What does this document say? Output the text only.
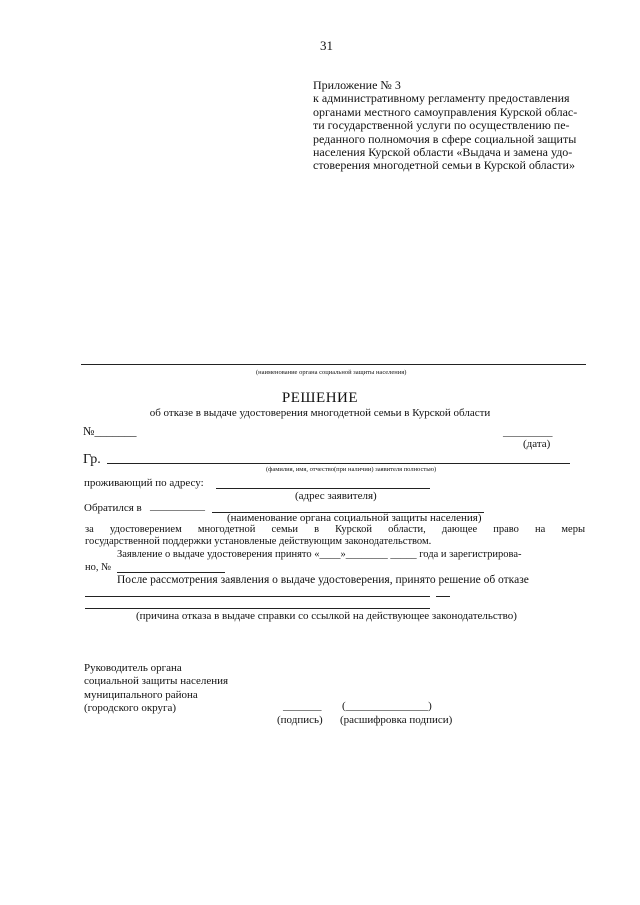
31
Приложение № 3
к административному регламенту предоставления
органами местного самоуправления Курской облас-
ти государственной услуги по осуществлению пе-
реданного полномочия в сфере социальной защиты
населения Курской области «Выдача и замена удо-
стоверения многодетной семьи в Курской области»
(наименование органа социальной защиты населения)
РЕШЕНИЕ
об отказе в выдаче удостоверения многодетной семьи в Курской области
№_______	_________
(дата)
Гр.
(фамилия, имя, отчество(при наличии) заявителя полностью)
проживающий по адресу:
(адрес заявителя)
Обратился в __________
(наименование органа социальной защиты населения)
за удостоверением многодетной семьи в Курской области, дающее право на меры
государственной поддержки установленые действующим законодательством.
Заявление о выдаче удостоверения принято «____»________ _____ года и зарегистрирова-
но, №
После рассмотрения заявления о выдаче удостоверения, принято решение об отказе
(причина отказа в выдаче справки со ссылкой на действующее законодательство)
Руководитель органа
социальной защиты населения
муниципального района
(городского округа)	_______ (_______________)
(подпись) (расшифровка подписи)
